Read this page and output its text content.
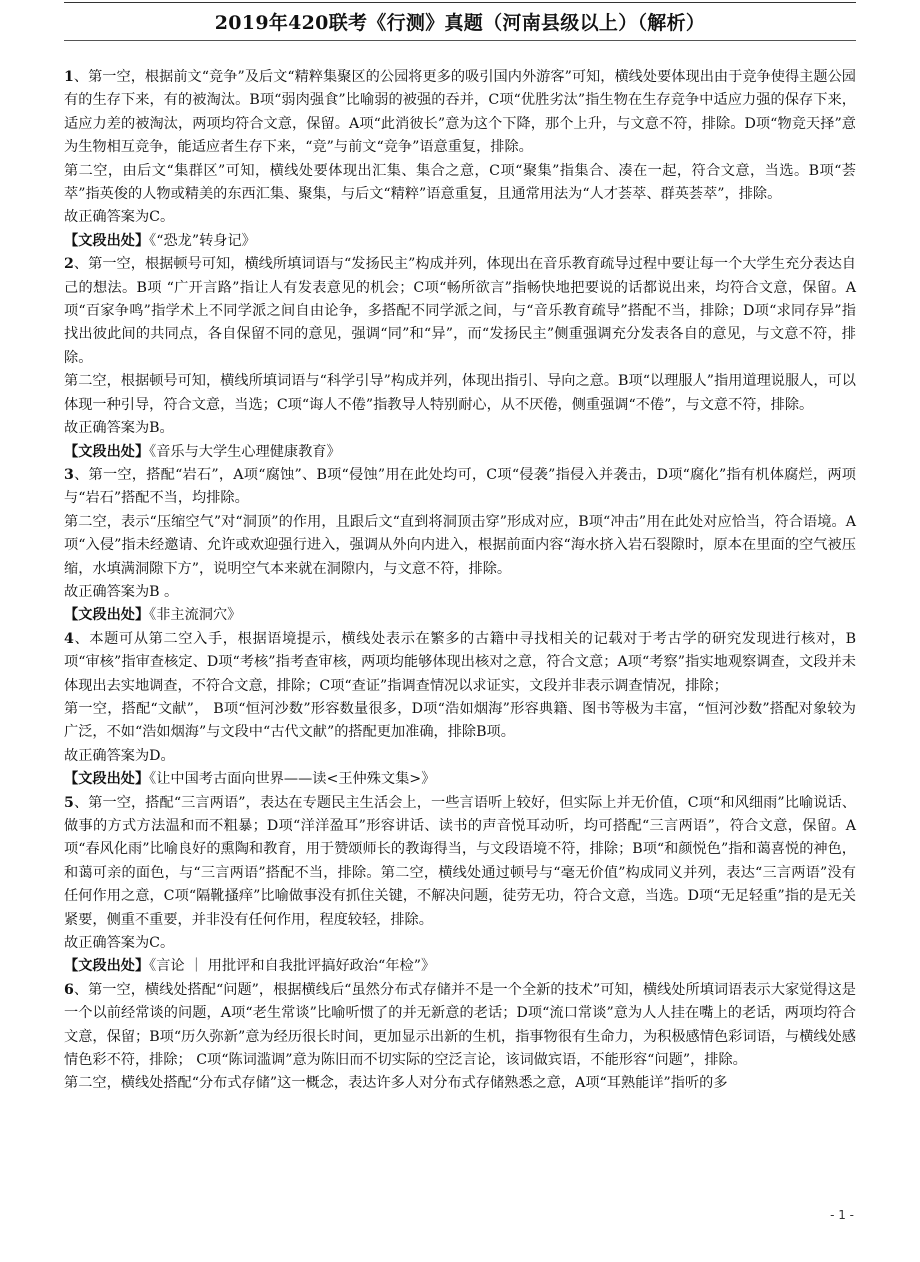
2019年420联考《行测》真题（河南县级以上）（解析）

1、第一空，根据前文“竞争”及后文“精粹集聚区的公园将更多的吸引国内外游客”可知，横线处要体现出由于竞争使得主题公园有的生存下来，有的被淘汰。B项“弱肉强食”比喻弱的被强的吞并，C项“优胜劣汰”指生物在生存竞争中适应力强的保存下来，适应力差的被淘汰，两项均符合文意，保留。A项“此消彼长”意为这个下降，那个上升，与文意不符，排除。D项“物竞天择”意为生物相互竞争，能适应者生存下来，“竞”与前文“竞争”语意重复，排除。

第二空，由后文“集群区”可知，横线处要体现出汇集、集合之意，C项“聚集”指集合、凑在一起，符合文意，当选。B项“荟萃”指英俊的人物或精美的东西汇集、聚集，与后文“精粹”语意重复，且通常用法为“人才荟萃、群英荟萃”，排除。

故正确答案为C。

【文段出处】《“恐龙”转身记》

2、第一空，根据顿号可知，横线所填词语与“发扬民主”构成并列，体现出在音乐教育疏导过程中要让每一个大学生充分表达自己的想法。B项 “广开言路”指让人有发表意见的机会；C项“畅所欲言”指畅快地把要说的话都说出来，均符合文意，保留。A项“百家争鸣”指学术上不同学派之间自由论争，多搭配不同学派之间，与“音乐教育疏导”搭配不当，排除；D项“求同存异”指找出彼此间的共同点，各自保留不同的意见，强调“同”和“异”，而“发扬民主”侧重强调充分发表各自的意见，与文意不符，排除。

第二空，根据顿号可知，横线所填词语与“科学引导”构成并列，体现出指引、导向之意。B项“以理服人”指用道理说服人，可以体现一种引导，符合文意，当选；C项“诲人不倦”指教导人特别耐心，从不厌倦，侧重强调“不倦”，与文意不符，排除。

故正确答案为B。

【文段出处】《音乐与大学生心理健康教育》

3、第一空，搭配“岩石”，A项“腐蚀”、B项“侵蚀”用在此处均可，C项“侵袭”指侵入并袭击，D项“腐化”指有机体腐烂，两项与“岩石”搭配不当，均排除。

第二空，表示“压缩空气”对“洞顶”的作用，且跟后文“直到将洞顶击穿”形成对应，B项“冲击”用在此处对应恰当，符合语境。A项“入侵”指未经邀请、允许或欢迎强行进入，强调从外向内进入，根据前面内容“海水挤入岩石裂隙时，原本在里面的空气被压缩，水填满洞隙下方”，说明空气本来就在洞隙内，与文意不符，排除。

故正确答案为B 。

【文段出处】《非主流洞穴》

4、本题可从第二空入手，根据语境提示，横线处表示在繁多的古籍中寻找相关的记载对于考古学的研究发现进行核对，B项“审核”指审查核定、D项“考核”指考查审核，两项均能够体现出核对之意，符合文意；A项“考察”指实地观察调查，文段并未体现出去实地调查，不符合文意，排除；C项“查证”指调查情况以求证实，文段并非表示调查情况，排除；

第一空，搭配“文献”， B项“恒河沙数”形容数量很多，D项“浩如烟海”形容典籍、图书等极为丰富，“恒河沙数”搭配对象较为广泛，不如“浩如烟海”与文段中“古代文献”的搭配更加准确，排除B项。

故正确答案为D。

【文段出处】《让中国考古面向世界——读<王仲殊文集>》

5、第一空，搭配“三言两语”，表达在专题民主生活会上，一些言语听上较好，但实际上并无价值，C项“和风细雨”比喻说话、做事的方式方法温和而不粗暴；D项“洋洋盈耳”形容讲话、读书的声音悦耳动听，均可搭配“三言两语”，符合文意，保留。A项“春风化雨”比喻良好的熏陶和教育，用于赞颂师长的教诲得当，与文段语境不符，排除；B项“和颜悦色”指和蔼喜悦的神色，和蔼可亲的面色，与“三言两语”搭配不当，排除。第二空，横线处通过顿号与“毫无价值”构成同义并列，表达“三言两语”没有任何作用之意，C项“隔靴搔痒”比喻做事没有抓住关键，不解决问题，徒劳无功，符合文意，当选。D项“无足轻重”指的是无关紧要，侧重不重要，并非没有任何作用，程度较轻，排除。

故正确答案为C。

【文段出处】《言论 ｜ 用批评和自我批评搞好政治“年检”》

6、第一空，横线处搭配“问题”，根据横线后“虽然分布式存储并不是一个全新的技术”可知，横线处所填词语表示大家觉得这是一个以前经常谈的问题，A项“老生常谈”比喻听惯了的并无新意的老话；D项“流口常谈”意为人人挂在嘴上的老话，两项均符合文意，保留；B项“历久弥新”意为经历很长时间，更加显示出新的生机，指事物很有生命力，为积极感情色彩词语，与横线处感情色彩不符，排除； C项“陈词滥调”意为陈旧而不切实际的空泛言论，该词做宾语，不能形容“问题”，排除。

第二空，横线处搭配“分布式存储”这一概念，表达许多人对分布式存储熟悉之意，A项“耳熟能详”指听的多

- 1 -
